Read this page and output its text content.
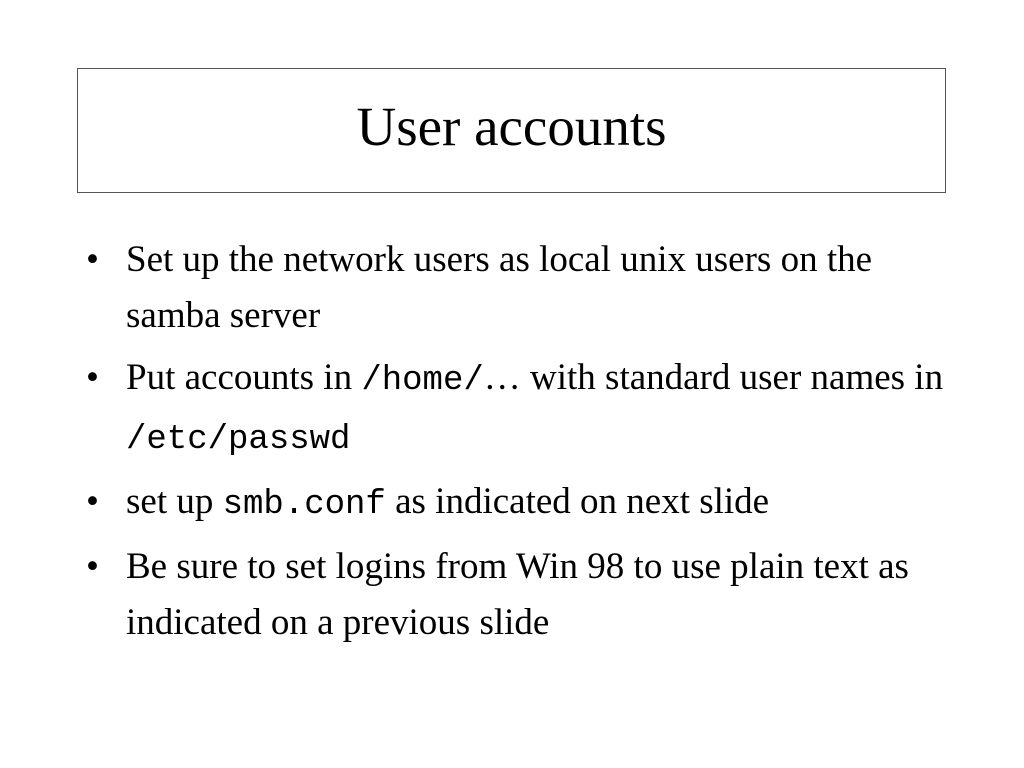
User accounts
• Set up the network users as local unix users on the samba server
• Put accounts in /home/… with standard user names in /etc/passwd
• set up smb.conf as indicated on next slide
• Be sure to set logins from Win 98 to use plain text as indicated on a previous slide
